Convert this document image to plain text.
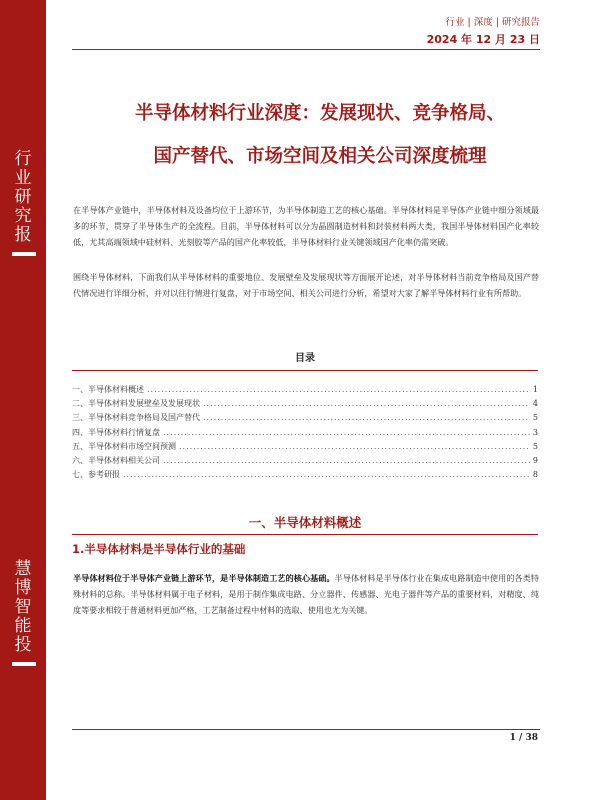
行
业
研
究
报
慧
博
智
能
投
行业 | 深度 | 研究报告
2024 年 12 月 23 日
半导体材料行业深度：发展现状、竞争格局、
国产替代、市场空间及相关公司深度梳理

在半导体产业链中，半导体材料及设备均位于上游环节，为半导体制造工艺的核心基础。半导体材料是半导体产业链中细分领域最多的环节，贯穿了半导体生产的全流程。目前，半导体材料可以分为晶圆制造材料和封装材料两大类，我国半导体材料国产化率较低，尤其高端领域中硅材料、光刻胶等产品的国产化率较低，半导体材料行业关键领域国产化率仍需突破。

围绕半导体材料，下面我们从半导体材料的重要地位、发展壁垒及发展现状等方面展开论述，对半导体材料当前竞争格局及国产替代情况进行详细分析，并对以往行情进行复盘，对于市场空间、相关公司进行分析，希望对大家了解半导体材料行业有所帮助。

目录
一、半导体材料概述 .....	1
二、半导体材料发展壁垒及发展现状 .....	4
三、半导体材料竞争格局及国产替代 .....	5
四、半导体材料行情复盘 .....	3
五、半导体材料市场空间预测 .....	5
六、半导体材料相关公司 .....	9
七、参考研报 .....	8
一、半导体材料概述
1.半导体材料是半导体行业的基础

半导体材料位于半导体产业链上游环节，是半导体制造工艺的核心基础。半导体材料是半导体行业在集成电路制造中使用的各类特殊材料的总称。半导体材料属于电子材料，是用于制作集成电路、分立器件、传感器、光电子器件等产品的重要材料，对精度、纯度等要求相较于普通材料更加严格，工艺制备过程中材料的选取、使用也尤为关键。

1 / 38
